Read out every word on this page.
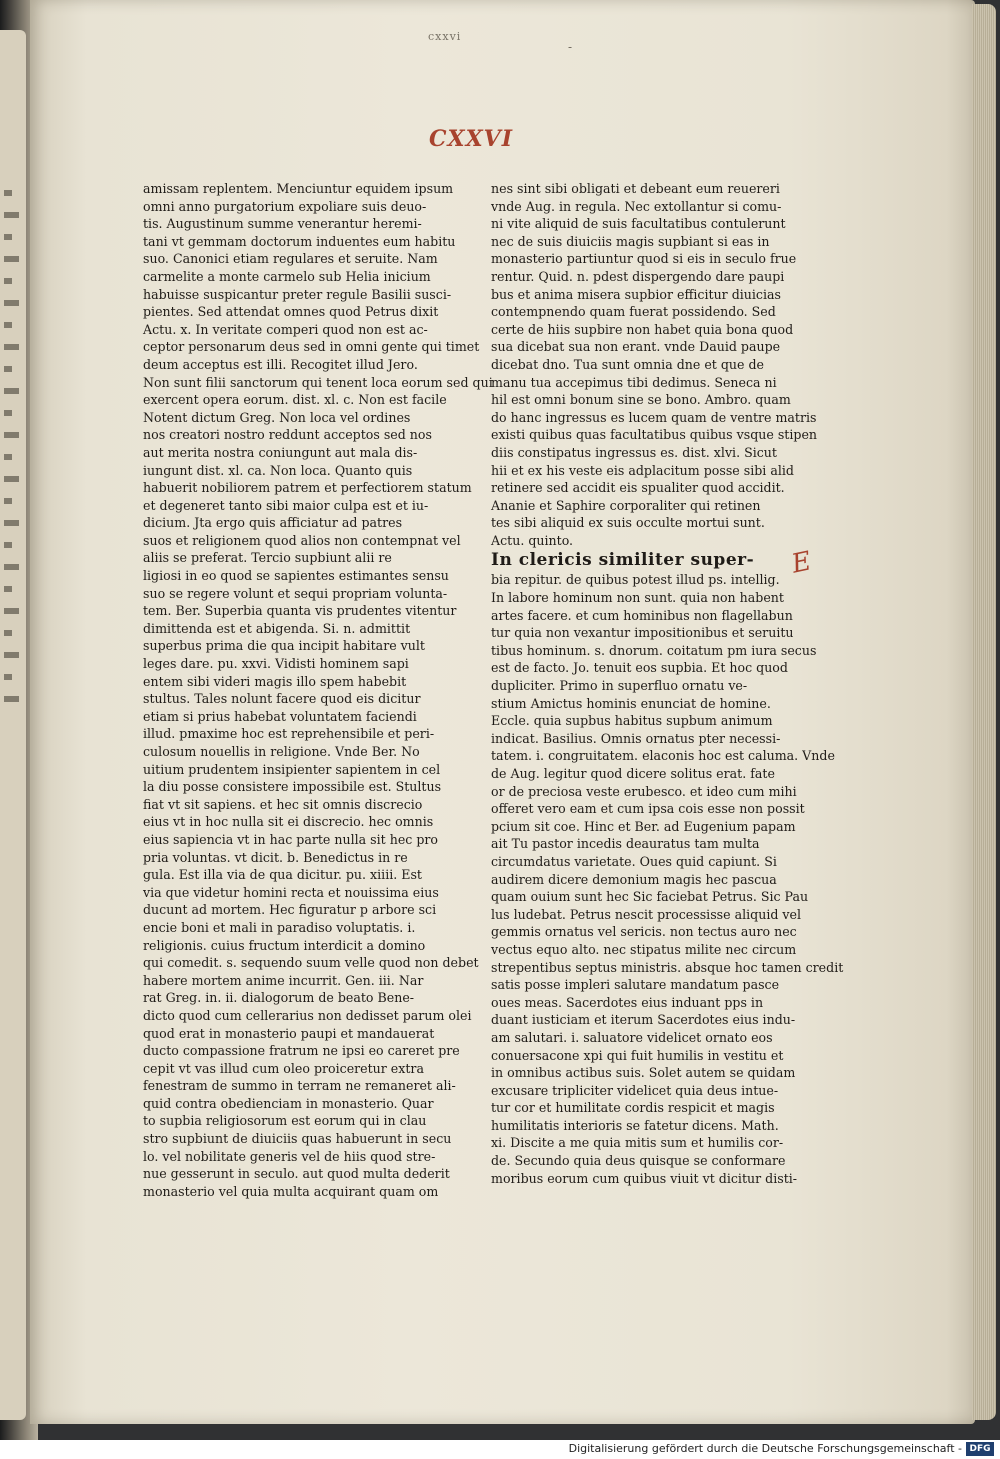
cxxvi
-
CXXVI

amissam replentem. Menciuntur equidem ipsum

omni anno purgatorium expoliare suis deuo-

tis. Augustinum summe venerantur heremi-

tani vt gemmam doctorum induentes eum habitu

suo. Canonici etiam regulares et seruite. Nam

carmelite a monte carmelo sub Helia inicium

habuisse suspicantur preter regule Basilii susci-

pientes. Sed attendat omnes quod Petrus dixit

Actu. x. In veritate comperi quod non est ac-

ceptor personarum deus sed in omni gente qui timet

deum acceptus est illi. Recogitet illud Jero.

Non sunt filii sanctorum qui tenent loca eorum sed qui

exercent opera eorum. dist. xl. c. Non est facile

Notent dictum Greg. Non loca vel ordines

nos creatori nostro reddunt acceptos sed nos

aut merita nostra coniungunt aut mala dis-

iungunt dist. xl. ca. Non loca. Quanto quis

habuerit nobiliorem patrem et perfectiorem statum

et degeneret tanto sibi maior culpa est et iu-

dicium. Jta ergo quis afficiatur ad patres

suos et religionem quod alios non contempnat vel

aliis se preferat. Tercio supbiunt alii re

ligiosi in eo quod se sapientes estimantes sensu

suo se regere volunt et sequi propriam volunta-

tem. Ber. Superbia quanta vis prudentes vitentur

dimittenda est et abigenda. Si. n. admittit

superbus prima die qua incipit habitare vult

leges dare. pu. xxvi. Vidisti hominem sapi

entem sibi videri magis illo spem habebit

stultus. Tales nolunt facere quod eis dicitur

etiam si prius habebat voluntatem faciendi

illud. pmaxime hoc est reprehensibile et peri-

culosum nouellis in religione. Vnde Ber. No

uitium prudentem insipienter sapientem in cel

la diu posse consistere impossibile est. Stultus

fiat vt sit sapiens. et hec sit omnis discrecio

eius vt in hoc nulla sit ei discrecio. hec omnis

eius sapiencia vt in hac parte nulla sit hec pro

pria voluntas. vt dicit. b. Benedictus in re

gula. Est illa via de qua dicitur. pu. xiiii. Est

via que videtur homini recta et nouissima eius

ducunt ad mortem. Hec figuratur p arbore sci

encie boni et mali in paradiso voluptatis. i.

religionis. cuius fructum interdicit a domino

qui comedit. s. sequendo suum velle quod non debet

habere mortem anime incurrit. Gen. iii. Nar

rat Greg. in. ii. dialogorum de beato Bene-

dicto quod cum cellerarius non dedisset parum olei

quod erat in monasterio paupi et mandauerat

ducto compassione fratrum ne ipsi eo careret pre

cepit vt vas illud cum oleo proiceretur extra

fenestram de summo in terram ne remaneret ali-

quid contra obedienciam in monasterio. Quar

to supbia religiosorum est eorum qui in clau

stro supbiunt de diuiciis quas habuerunt in secu

lo. vel nobilitate generis vel de hiis quod stre-

nue gesserunt in seculo. aut quod multa dederit

monasterio vel quia multa acquirant quam om

nes sint sibi obligati et debeant eum reuereri

vnde Aug. in regula. Nec extollantur si comu-

ni vite aliquid de suis facultatibus contulerunt

nec de suis diuiciis magis supbiant si eas in

monasterio partiuntur quod si eis in seculo frue

rentur. Quid. n. pdest dispergendo dare paupi

bus et anima misera supbior efficitur diuicias

contempnendo quam fuerat possidendo. Sed

certe de hiis supbire non habet quia bona quod

sua dicebat sua non erant. vnde Dauid paupe

dicebat dno. Tua sunt omnia dne et que de

manu tua accepimus tibi dedimus. Seneca ni

hil est omni bonum sine se bono. Ambro. quam

do hanc ingressus es lucem quam de ventre matris

existi quibus quas facultatibus quibus vsque stipen

diis constipatus ingressus es. dist. xlvi. Sicut

hii et ex his veste eis adplacitum posse sibi alid

retinere sed accidit eis spualiter quod accidit.

Ananie et Saphire corporaliter qui retinen

tes sibi aliquid ex suis occulte mortui sunt.

Actu. quinto.

In clericis similiter super-

bia repitur. de quibus potest illud ps. intellig.

In labore hominum non sunt. quia non habent

artes facere. et cum hominibus non flagellabun

tur quia non vexantur impositionibus et seruitu

tibus hominum. s. dnorum. coitatum pm iura secus

est de facto. Jo. tenuit eos supbia. Et hoc quod

dupliciter. Primo in superfluo ornatu ve-

stium Amictus hominis enunciat de homine.

Eccle. quia supbus habitus supbum animum

indicat. Basilius. Omnis ornatus pter necessi-

tatem. i. congruitatem. elaconis hoc est caluma. Vnde

de Aug. legitur quod dicere solitus erat. fate

or de preciosa veste erubesco. et ideo cum mihi

offeret vero eam et cum ipsa cois esse non possit

pcium sit coe. Hinc et Ber. ad Eugenium papam

ait Tu pastor incedis deauratus tam multa

circumdatus varietate. Oues quid capiunt. Si

audirem dicere demonium magis hec pascua

quam ouium sunt hec Sic faciebat Petrus. Sic Pau

lus ludebat. Petrus nescit processisse aliquid vel

gemmis ornatus vel sericis. non tectus auro nec

vectus equo alto. nec stipatus milite nec circum

strepentibus septus ministris. absque hoc tamen credit

satis posse impleri salutare mandatum pasce

oues meas. Sacerdotes eius induant pps in

duant iusticiam et iterum Sacerdotes eius indu-

am salutari. i. saluatore videlicet ornato eos

conuersacone xpi qui fuit humilis in vestitu et

in omnibus actibus suis. Solet autem se quidam

excusare tripliciter videlicet quia deus intue-

tur cor et humilitate cordis respicit et magis

humilitatis interioris se fatetur dicens. Math.

xi. Discite a me quia mitis sum et humilis cor-

de. Secundo quia deus quisque se conformare

moribus eorum cum quibus viuit vt dicitur disti-

E
Digitalisierung gefördert durch die Deutsche Forschungsgemeinschaft - DFG
